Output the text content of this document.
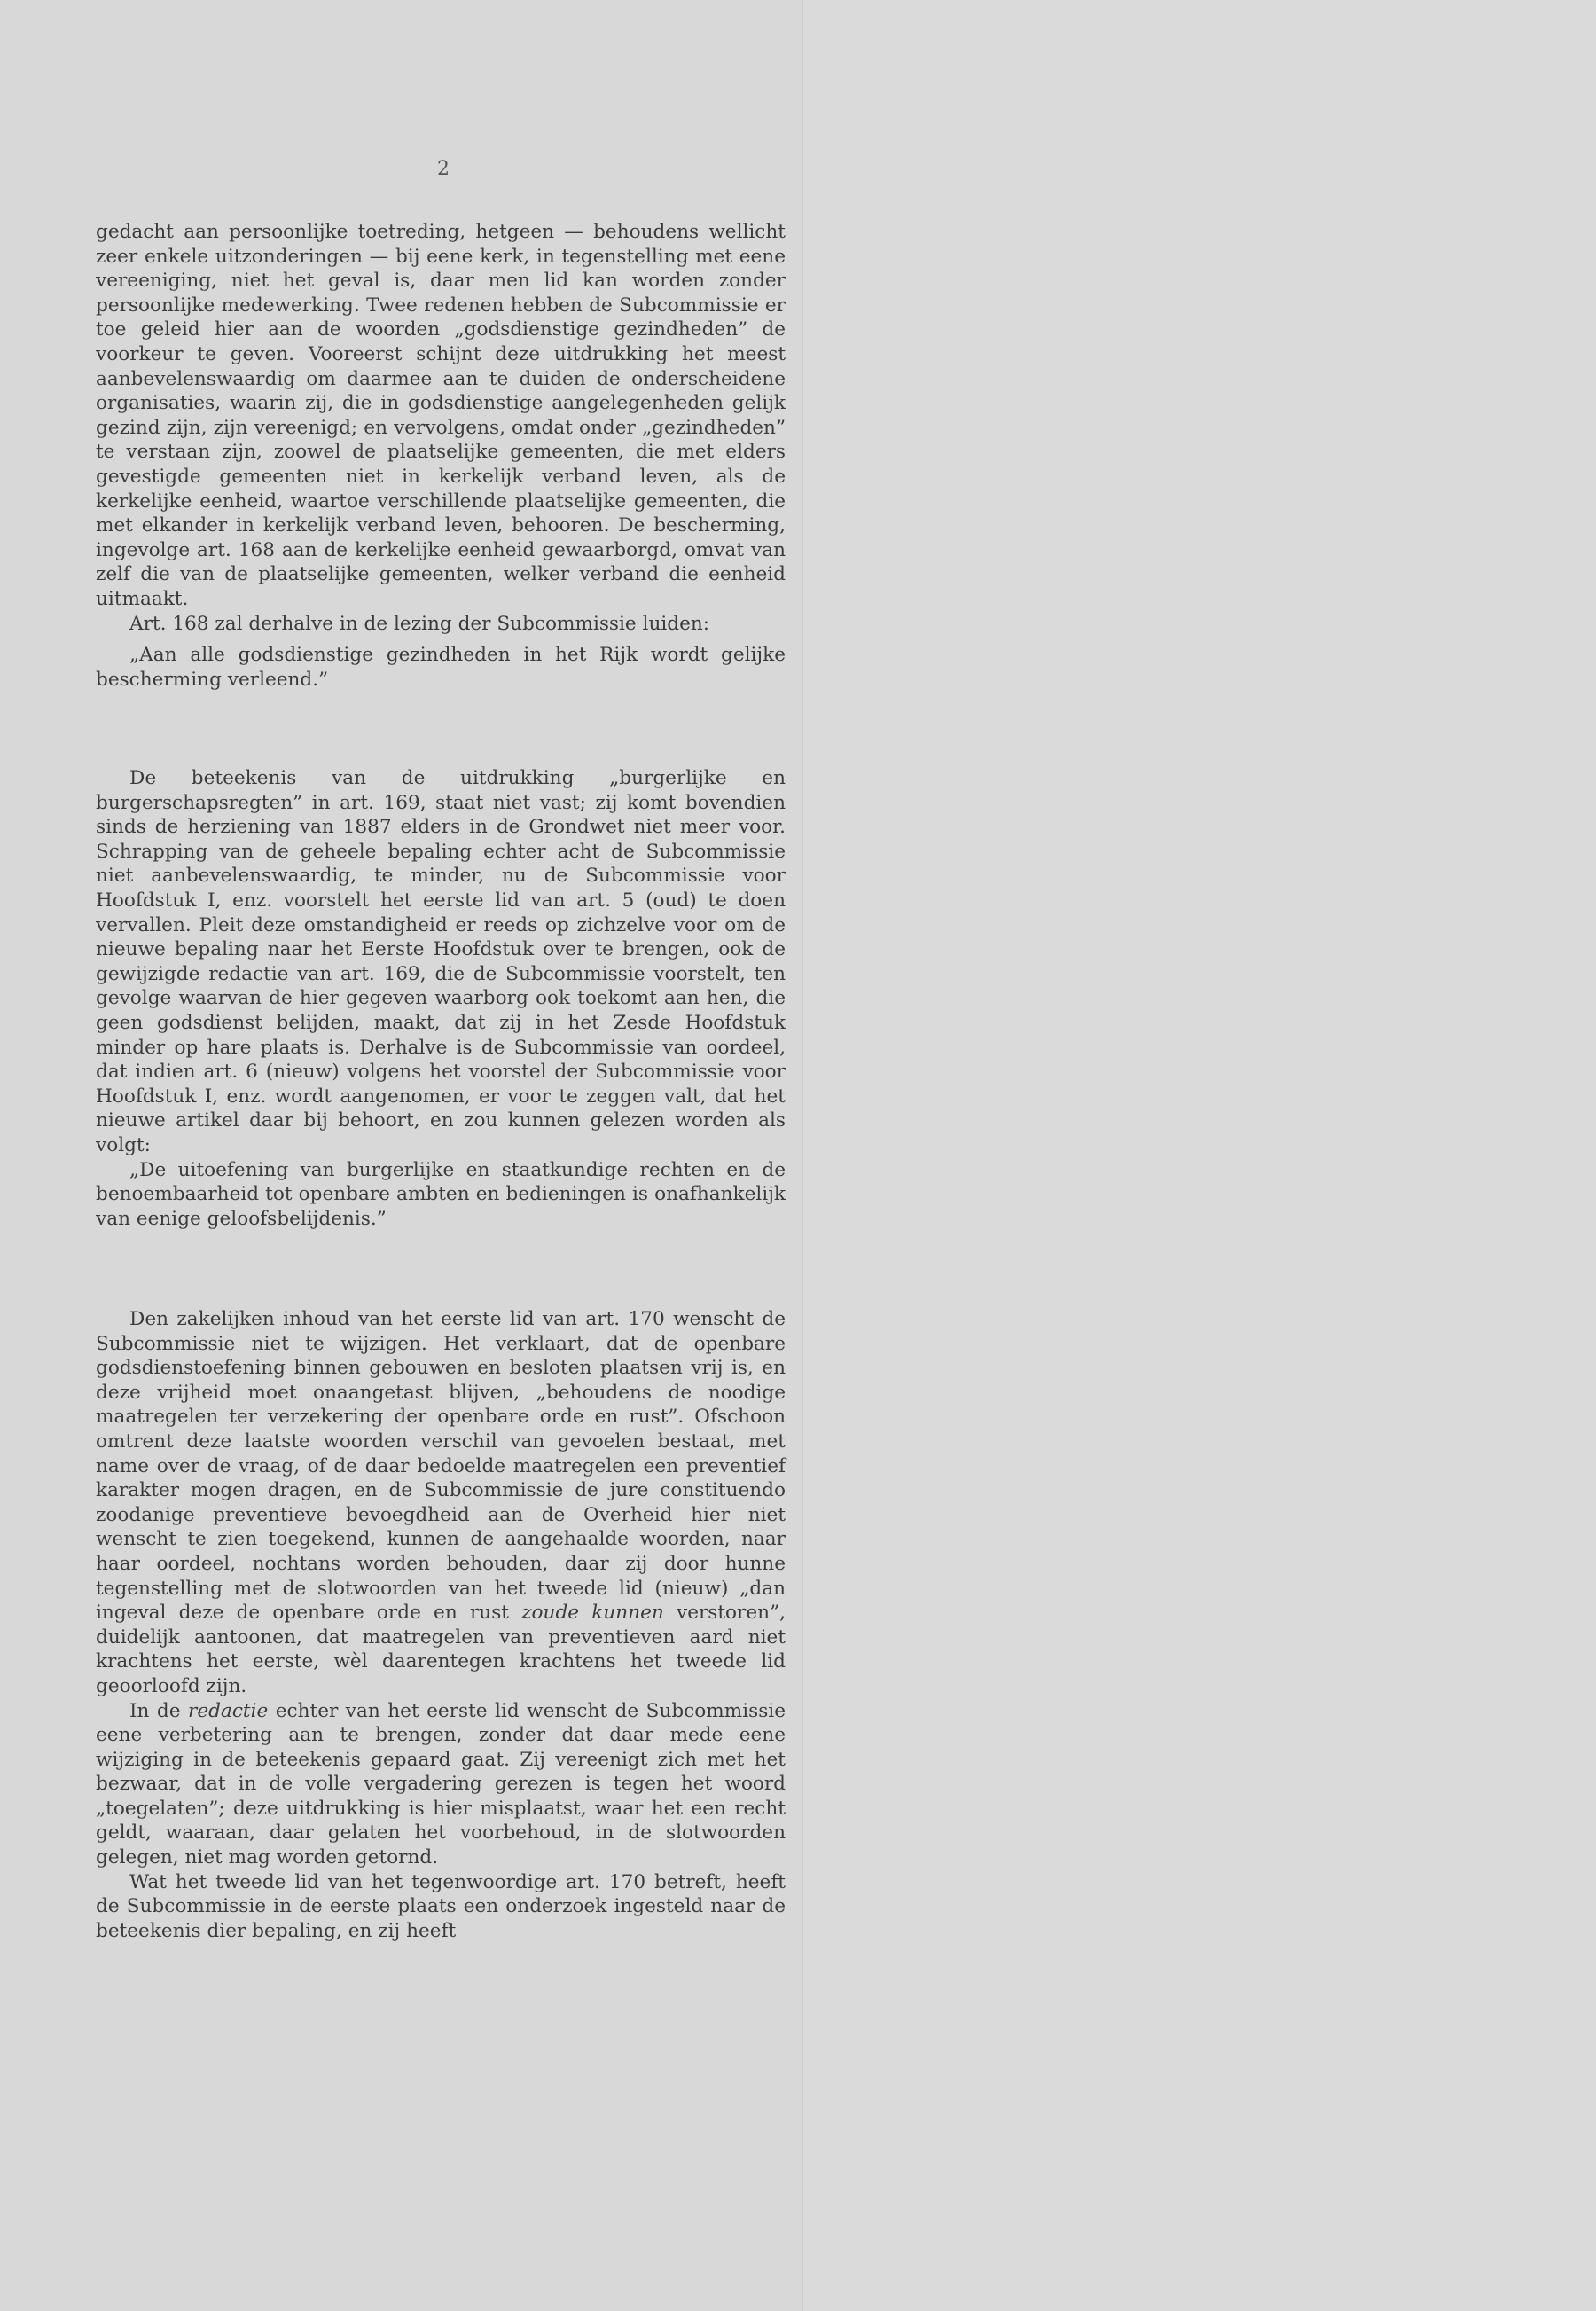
2

gedacht aan persoonlijke toetreding, hetgeen — behoudens wellicht zeer enkele uitzonderingen — bij eene kerk, in tegenstelling met eene vereeniging, niet het geval is, daar men lid kan worden zonder persoonlijke medewerking. Twee redenen hebben de Subcommissie er toe geleid hier aan de woorden „godsdienstige gezindheden” de voorkeur te geven. Vooreerst schijnt deze uitdrukking het meest aanbevelenswaardig om daarmee aan te duiden de onderscheidene organisaties, waarin zij, die in godsdienstige aangelegenheden gelijk gezind zijn, zijn vereenigd; en vervolgens, omdat onder „gezindheden” te verstaan zijn, zoowel de plaatselijke gemeenten, die met elders gevestigde gemeenten niet in kerkelijk verband leven, als de kerkelijke eenheid, waartoe verschillende plaatselijke gemeenten, die met elkander in kerkelijk verband leven, behooren. De bescherming, ingevolge art. 168 aan de kerkelijke eenheid gewaarborgd, omvat van zelf die van de plaatselijke gemeenten, welker verband die eenheid uitmaakt.

Art. 168 zal derhalve in de lezing der Subcommissie luiden:

„Aan alle godsdienstige gezindheden in het Rijk wordt gelijke bescherming verleend.”

De beteekenis van de uitdrukking „burgerlijke en burgerschapsregten” in art. 169, staat niet vast; zij komt bovendien sinds de herziening van 1887 elders in de Grondwet niet meer voor. Schrapping van de geheele bepaling echter acht de Subcommissie niet aanbevelenswaardig, te minder, nu de Subcommissie voor Hoofdstuk I, enz. voorstelt het eerste lid van art. 5 (oud) te doen vervallen. Pleit deze omstandigheid er reeds op zichzelve voor om de nieuwe bepaling naar het Eerste Hoofdstuk over te brengen, ook de gewijzigde redactie van art. 169, die de Subcommissie voorstelt, ten gevolge waarvan de hier gegeven waarborg ook toekomt aan hen, die geen godsdienst belijden, maakt, dat zij in het Zesde Hoofdstuk minder op hare plaats is. Derhalve is de Subcommissie van oordeel, dat indien art. 6 (nieuw) volgens het voorstel der Subcommissie voor Hoofdstuk I, enz. wordt aangenomen, er voor te zeggen valt, dat het nieuwe artikel daar bij behoort, en zou kunnen gelezen worden als volgt:

„De uitoefening van burgerlijke en staatkundige rechten en de benoembaarheid tot openbare ambten en bedieningen is onafhankelijk van eenige geloofsbelijdenis.”

Den zakelijken inhoud van het eerste lid van art. 170 wenscht de Subcommissie niet te wijzigen. Het verklaart, dat de openbare godsdienstoefening binnen gebouwen en besloten plaatsen vrij is, en deze vrijheid moet onaangetast blijven, „behoudens de noodige maatregelen ter verzekering der openbare orde en rust”. Ofschoon omtrent deze laatste woorden verschil van gevoelen bestaat, met name over de vraag, of de daar bedoelde maatregelen een preventief karakter mogen dragen, en de Subcommissie de jure constituendo zoodanige preventieve bevoegdheid aan de Overheid hier niet wenscht te zien toegekend, kunnen de aangehaalde woorden, naar haar oordeel, nochtans worden behouden, daar zij door hunne tegenstelling met de slotwoorden van het tweede lid (nieuw) „dan ingeval deze de openbare orde en rust zoude kunnen verstoren”, duidelijk aantoonen, dat maatregelen van preventieven aard niet krachtens het eerste, wèl daarentegen krachtens het tweede lid geoorloofd zijn.

In de redactie echter van het eerste lid wenscht de Subcommissie eene verbetering aan te brengen, zonder dat daar mede eene wijziging in de beteekenis gepaard gaat. Zij vereenigt zich met het bezwaar, dat in de volle vergadering gerezen is tegen het woord „toegelaten”; deze uitdrukking is hier misplaatst, waar het een recht geldt, waaraan, daar gelaten het voorbehoud, in de slotwoorden gelegen, niet mag worden getornd.

Wat het tweede lid van het tegenwoordige art. 170 betreft, heeft de Subcommissie in de eerste plaats een onderzoek ingesteld naar de beteekenis dier bepaling, en zij heeft
